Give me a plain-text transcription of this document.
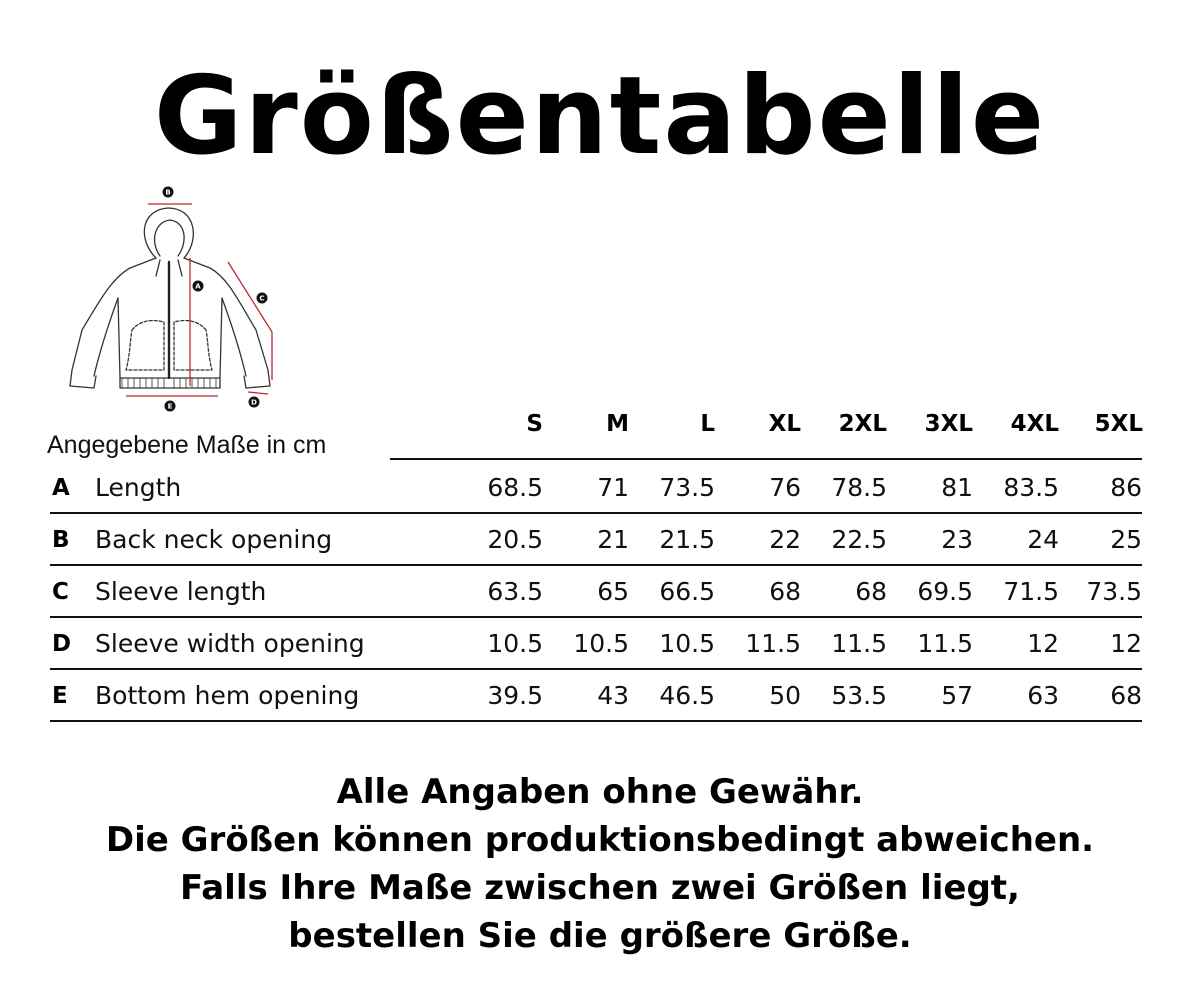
Größentabelle
B
A
C
E	D
Angegebene Maße in cm
S	M	L	XL	2XL	3XL	4XL	5XL
A	Length	68.5	71	73.5	76	78.5	81	83.5	86
B	Back neck opening	20.5	21	21.5	22	22.5	23	24	25
C	Sleeve length	63.5	65	66.5	68	68	69.5	71.5	73.5
D Sleeve width opening	10.5	10.5	10.5	11.5	11.5	11.5	12	12
E	Bottom hem opening	39.5	43	46.5	50	53.5	57	63	68
Alle Angaben ohne Gewähr.
Die Größen können produktionsbedingt abweichen.
Falls Ihre Maße zwischen zwei Größen liegt,
bestellen Sie die größere Größe.
